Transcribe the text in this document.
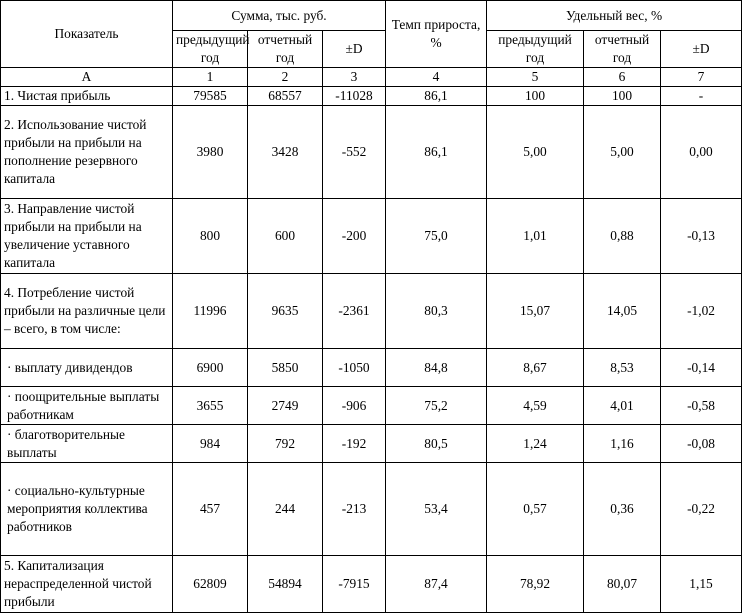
Показатель	Сумма, тыс. руб.			Темп прироста, %	Удельный вес, %		
	предыдущий год	отчетный год	±D		предыдущий год	отчетный год	±D
А	1	2	3	4	5	6	7
1. Чистая прибыль	79585	68557	-11028	86,1	100	100	-
2. Использование чистой прибыли на прибыли на пополнение резервного капитала	3980	3428	-552	86,1	5,00	5,00	0,00
3. Направление чистой прибыли на прибыли на увеличение уставного капитала	800	600	-200	75,0	1,01	0,88	-0,13
4. Потребление чистой прибыли на различные цели – всего, в том числе:	11996	9635	-2361	80,3	15,07	14,05	-1,02
· выплату дивидендов	6900	5850	-1050	84,8	8,67	8,53	-0,14
· поощрительные выплаты работникам	3655	2749	-906	75,2	4,59	4,01	-0,58
· благотворительные выплаты	984	792	-192	80,5	1,24	1,16	-0,08
· социально-культурные мероприятия коллектива работников	457	244	-213	53,4	0,57	0,36	-0,22
5. Капитализация нераспределенной чистой прибыли	62809	54894	-7915	87,4	78,92	80,07	1,15
